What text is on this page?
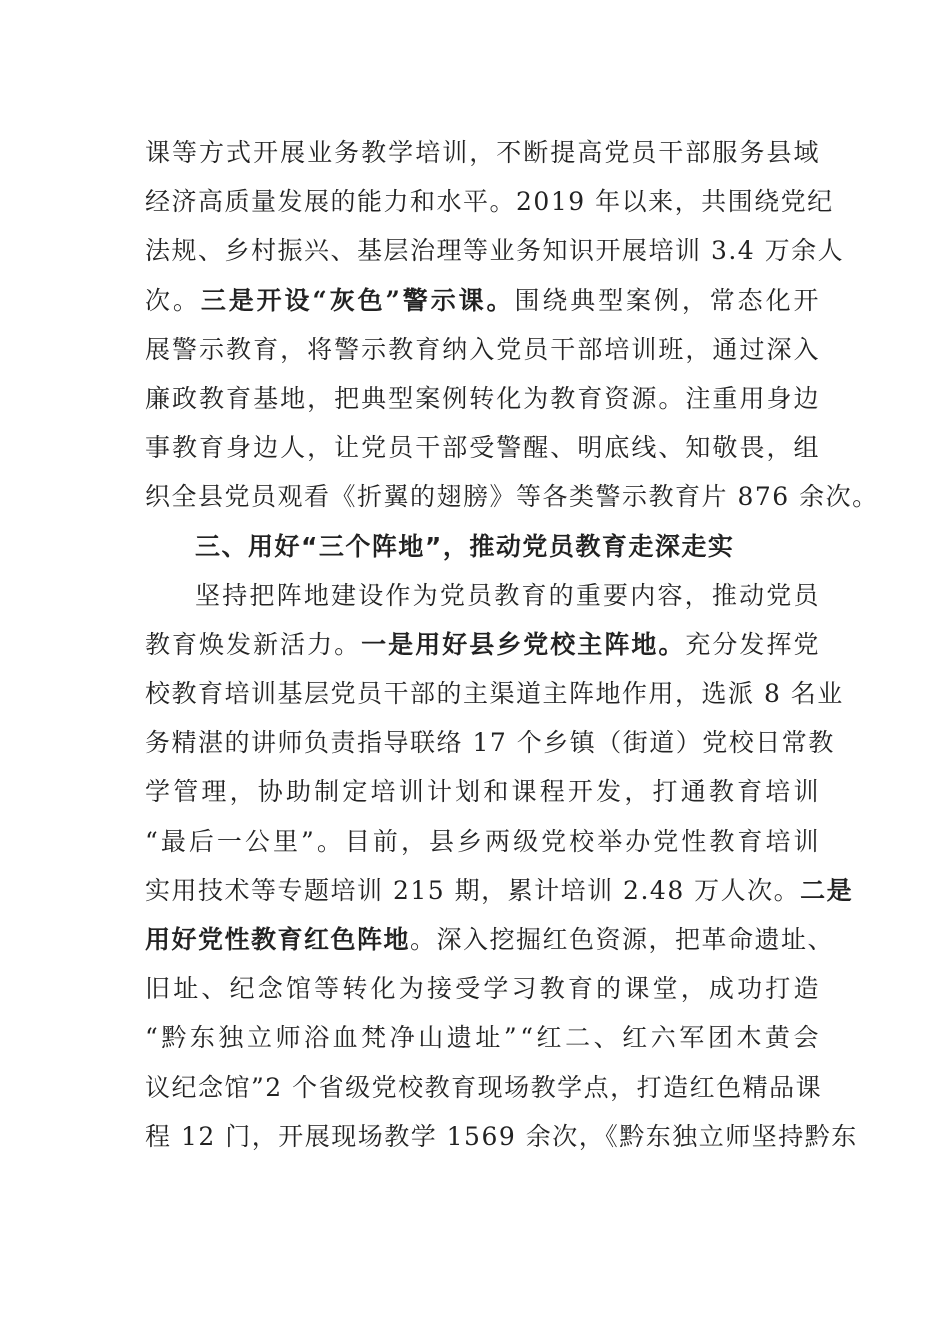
课等方式开展业务教学培训，不断提高党员干部服务县域
经济高质量发展的能力和水平。2019 年以来，共围绕党纪
法规、乡村振兴、基层治理等业务知识开展培训 3.4 万余人
次。 三是开设“灰色”警示课。 围绕典型案例，常态化开
展警示教育，将警示教育纳入党员干部培训班，通过深入
廉政教育基地，把典型案例转化为教育资源。注重用身边
事教育身边人，让党员干部受警醒、明底线、知敬畏，组
织全县党员观看《折翼的翅膀》等各类警示教育片 876 余次。
三、用好“三个阵地”，推动党员教育走深走实
坚持把阵地建设作为党员教育的重要内容，推动党员
教育焕发新活力。 一是用好县乡党校主阵地。 充分发挥党
校教育培训基层党员干部的主渠道主阵地作用，选派 8 名业
务精湛的讲师负责指导联络 17 个乡镇（街道）党校日常教
学管理，协助制定培训计划和课程开发，打通教育培训
“最后一公里”。目前，县乡两级党校举办党性教育培训
实用技术等专题培训 215 期，累计培训 2.48 万人次。 二是
用好党性教育红色阵地 。深入挖掘红色资源，把革命遗址、
旧址、纪念馆等转化为接受学习教育的课堂，成功打造
“黔东独立师浴血梵净山遗址”“红二、红六军团木黄会
议纪念馆”2 个省级党校教育现场教学点，打造红色精品课
程 12 门，开展现场教学 1569 余次，《黔东独立师坚持黔东
